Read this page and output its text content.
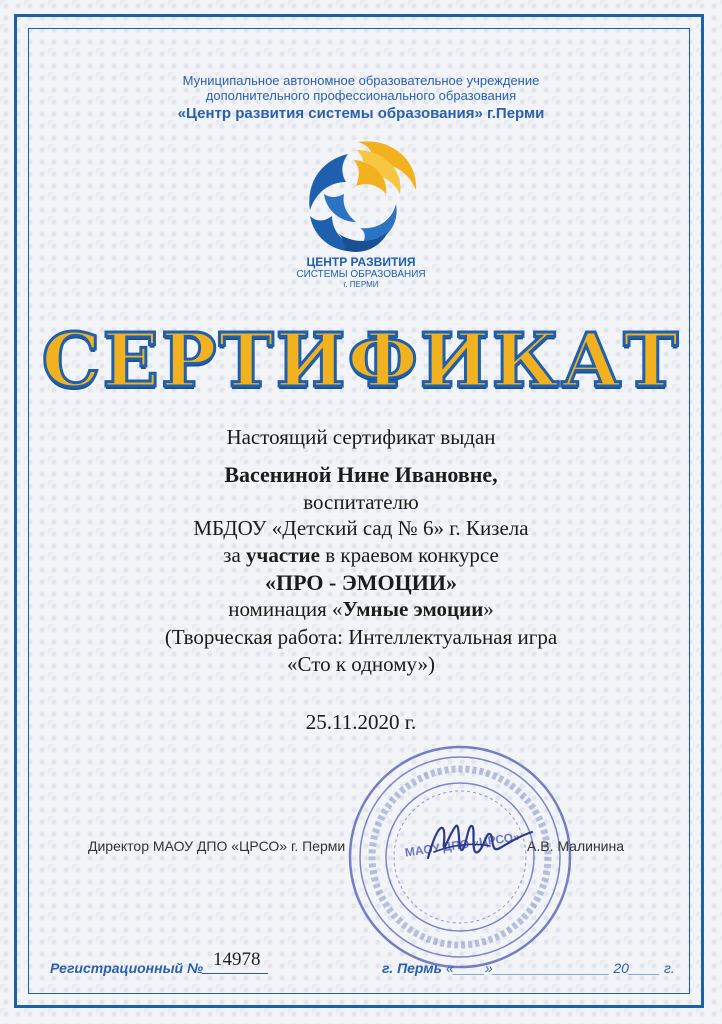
Муниципальное автономное образовательное учреждение
дополнительного профессионального образования
«Центр развития системы образования» г.Перми
ЦЕНТР РАЗВИТИЯ
СИСТЕМЫ ОБРАЗОВАНИЯ
г. ПЕРМИ
СЕРТИФИКАТ
Настоящий сертификат выдан
Васениной Нине Ивановне,
воспитателю
МБДОУ «Детский сад № 6» г. Кизела
за участие в краевом конкурсе
«ПРО - ЭМОЦИИ»
номинация «Умные эмоции»
(Творческая работа: Интеллектуальная игра
«Сто к одному»)
25.11.2020 г.
МАОУ ДПО «ЦРСО»
Директор МАОУ ДПО «ЦРСО» г. Перми	А.В. Малинина
Регистрационный № 14978	г. Пермь «____»_______________ 20____ г.
